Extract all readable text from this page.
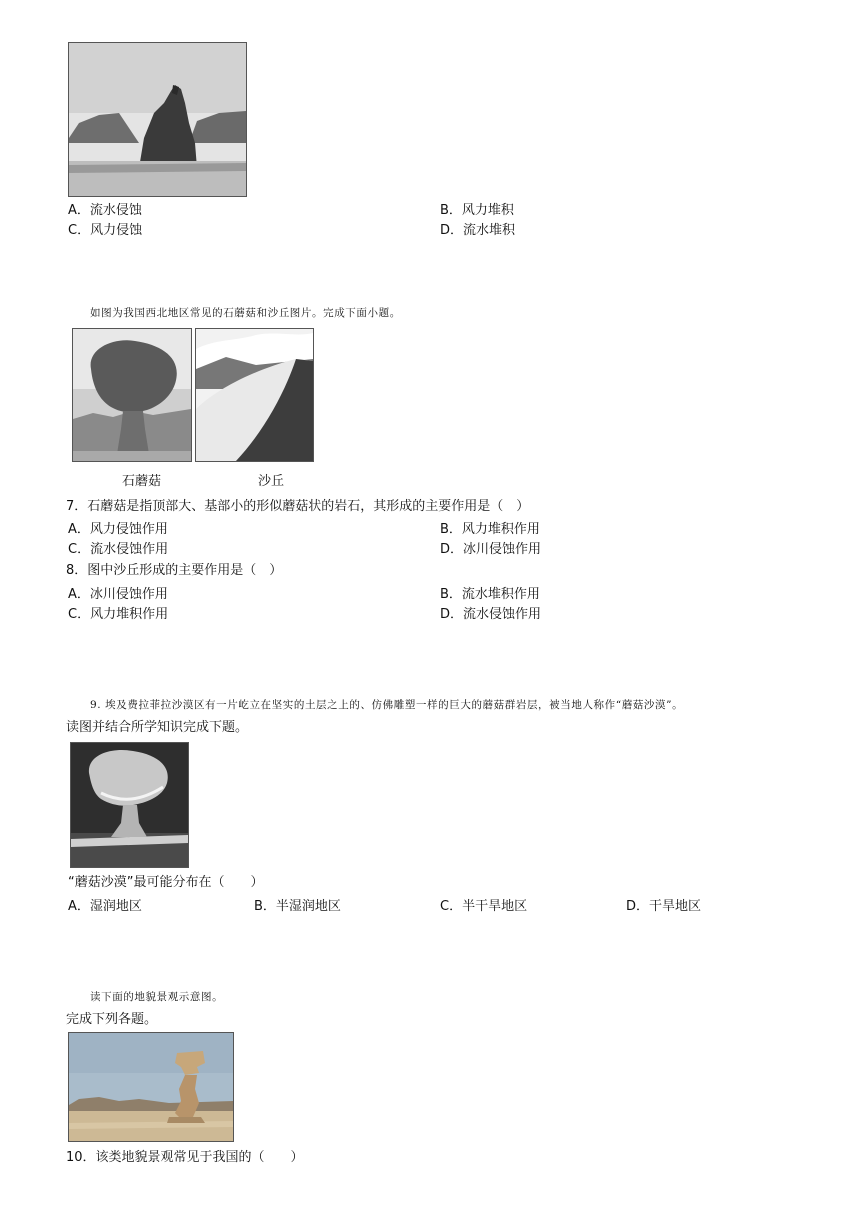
A．流水侵蚀	B．风力堆积
C．风力侵蚀	D．流水堆积
如图为我国西北地区常见的石蘑菇和沙丘图片。完成下面小题。
石蘑菇	沙丘
7．石蘑菇是指顶部大、基部小的形似蘑菇状的岩石，其形成的主要作用是（　）
A．风力侵蚀作用	B．风力堆积作用
C．流水侵蚀作用	D．冰川侵蚀作用
8．图中沙丘形成的主要作用是（　）
A．冰川侵蚀作用	B．流水堆积作用
C．风力堆积作用	D．流水侵蚀作用
9. 埃及费拉菲拉沙漠区有一片屹立在坚实的土层之上的、仿佛雕塑一样的巨大的蘑菇群岩层，被当地人称作“蘑菇沙漠”。
读图并结合所学知识完成下题。
“蘑菇沙漠”最可能分布在（　　）
A．湿润地区	B．半湿润地区	C．半干旱地区	D．干旱地区
读下面的地貌景观示意图。
完成下列各题。
10．该类地貌景观常见于我国的（　　）
